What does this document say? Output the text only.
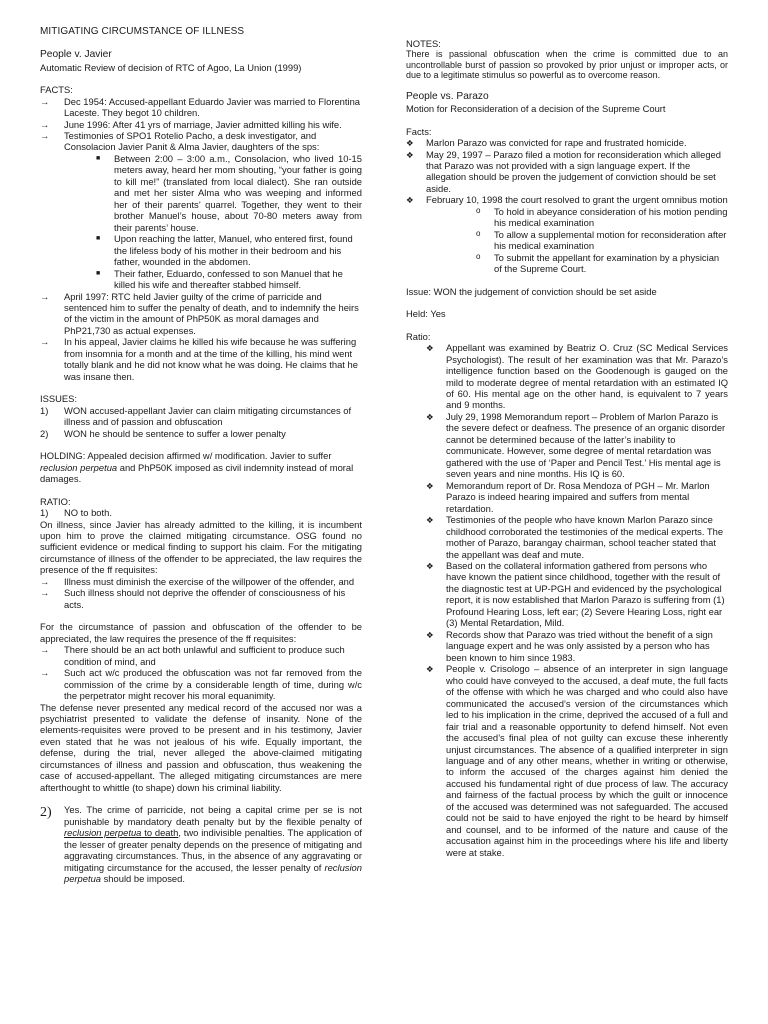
MITIGATING CIRCUMSTANCE OF ILLNESS

People v. Javier

Automatic Review of decision of RTC of Agoo, La Union (1999)

FACTS:

→	Dec 1954: Accused-appellant Eduardo Javier was married to Florentina Laceste. They begot 10 children.
→	June 1996: After 41 yrs of marriage, Javier admitted killing his wife.
→	Testimonies of SPO1 Rotelio Pacho, a desk investigator, and Consolacion Javier Panit & Alma Javier, daughters of the sps:
■	Between 2:00 – 3:00 a.m., Consolacion, who lived 10-15 meters away, heard her mom shouting, “your father is going to kill me!” (translated from local dialect). She ran outside and met her sister Alma who was weeping and informed her of their parents’ quarrel. Together, they went to their brother Manuel’s house, about 70-80 meters away from their parents’ house.
■	Upon reaching the latter, Manuel, who entered first, found the lifeless body of his mother in their bedroom and his father, wounded in the abdomen.
■	Their father, Eduardo, confessed to son Manuel that he killed his wife and thereafter stabbed himself.
→	April 1997: RTC held Javier guilty of the crime of parricide and sentenced him to suffer the penalty of death, and to indemnify the heirs of the victim in the amount of PhP50K as moral damages and PhP21,730 as actual expenses.
→	In his appeal, Javier claims he killed his wife because he was suffering from insomnia for a month and at the time of the killing, his mind went totally blank and he did not know what he was doing. He claims that he was insane then.

ISSUES:

1)	WON accused-appellant Javier can claim mitigating circumstances of illness and of passion and obfuscation
2)	WON he should be sentence to suffer a lower penalty

HOLDING: Appealed decision affirmed w/ modification. Javier to suffer reclusion perpetua and PhP50K imposed as civil indemnity instead of moral damages.

RATIO:

1)	NO to both.

On illness, since Javier has already admitted to the killing, it is incumbent upon him to prove the claimed mitigating circumstance. OSG found no sufficient evidence or medical finding to support his claim. For the mitigating circumstance of illness of the offender to be appreciated, the law requires the presence of the ff requisites:

→	Illness must diminish the exercise of the willpower of the offender, and
→	Such illness should not deprive the offender of consciousness of his acts.

For the circumstance of passion and obfuscation of the offender to be appreciated, the law requires the presence of the ff requisites:

→	There should be an act both unlawful and sufficient to produce such condition of mind, and
→	Such act w/c produced the obfuscation was not far removed from the commission of the crime by a considerable length of time, during w/c the perpetrator might recover his moral equanimity.

The defense never presented any medical record of the accused nor was a psychiatrist presented to validate the defense of insanity. None of the elements-requisites were proved to be present and in his testimony, Javier even stated that he was not jealous of his wife. Equally important, the defense, during the trial, never alleged the above-claimed mitigating circumstances of illness and passion and obfuscation, thus weakening the case of accused-appellant. The alleged mitigating circumstances are mere afterthought to whittle (to shape) down his criminal liability.

2)	Yes. The crime of parricide, not being a capital crime per se is not punishable by mandatory death penalty but by the flexible penalty of reclusion perpetua to death, two indivisible penalties. The application of the lesser of greater penalty depends on the presence of mitigating and aggravating circumstances. Thus, in the absence of any aggravating or mitigating circumstance for the accused, the lesser penalty of reclusion perpetua should be imposed.

NOTES:

There is passional obfuscation when the crime is committed due to an uncontrollable burst of passion so provoked by prior unjust or improper acts, or due to a legitimate stimulus so powerful as to overcome reason.

People vs. Parazo

Motion for Reconsideration of a decision of the Supreme Court

Facts:

❖	Marlon Parazo was convicted for rape and frustrated homicide.
❖	May 29, 1997 – Parazo filed a motion for reconsideration which alleged that Parazo was not provided with a sign language expert. If the allegation should be proven the judgement of conviction should be set aside.
❖	February 10, 1998 the court resolved to grant the urgent omnibus motion
o	To hold in abeyance consideration of his motion pending his medical examination
o	To allow a supplemental motion for reconsideration after his medical examination
o	To submit the appellant for examination by a physician of the Supreme Court.

Issue: WON the judgement of conviction should be set aside

Held: Yes

Ratio:

❖	Appellant was examined by Beatriz O. Cruz (SC Medical Services Psychologist). The result of her examination was that Mr. Parazo’s intelligence function based on the Goodenough is gauged on the mild to moderate degree of mental retardation with an estimated IQ of 60. His mental age on the other hand, is equivalent to 7 years and 9 months.
❖	July 29, 1998 Memorandum report – Problem of Marlon Parazo is the severe defect or deafness. The presence of an organic disorder cannot be determined because of the latter’s inability to communicate. However, some degree of mental retardation was gathered with the use of ‘Paper and Pencil Test.’ His mental age is seven years and nine months. His IQ is 60.
❖	Memorandum report of Dr. Rosa Mendoza of PGH – Mr. Marlon Parazo is indeed hearing impaired and suffers from mental retardation.
❖	Testimonies of the people who have known Marlon Parazo since childhood corroborated the testimonies of the medical experts. The mother of Parazo, barangay chairman, school teacher stated that the appellant was deaf and mute.
❖	Based on the collateral information gathered from persons who have known the patient since childhood, together with the result of the diagnostic test at UP-PGH and evidenced by the psychological report, it is now established that Marlon Parazo is suffering from (1) Profound Hearing Loss, left ear; (2) Severe Hearing Loss, right ear (3) Mental Retardation, Mild.
❖	Records show that Parazo was tried without the benefit of a sign language expert and he was only assisted by a person who has been known to him since 1983.
❖	People v. Crisologo – absence of an interpreter in sign language who could have conveyed to the accused, a deaf mute, the full facts of the offense with which he was charged and who could also have communicated the accused’s version of the circumstances which led to his implication in the crime, deprived the accused of a full and fair trial and a reasonable opportunity to defend himself. Not even the accused’s final plea of not guilty can excuse these inherently unjust circumstances. The absence of a qualified interpreter in sign language and of any other means, whether in writing or otherwise, to inform the accused of the charges against him denied the accused his fundamental right of due process of law. The accuracy and fairness of the factual process by which the guilt or innocence of the accused was determined was not safeguarded. The accused could not be said to have enjoyed the right to be heard by himself and counsel, and to be informed of the nature and cause of the accusation against him in the proceedings where his life and liberty were at stake.
